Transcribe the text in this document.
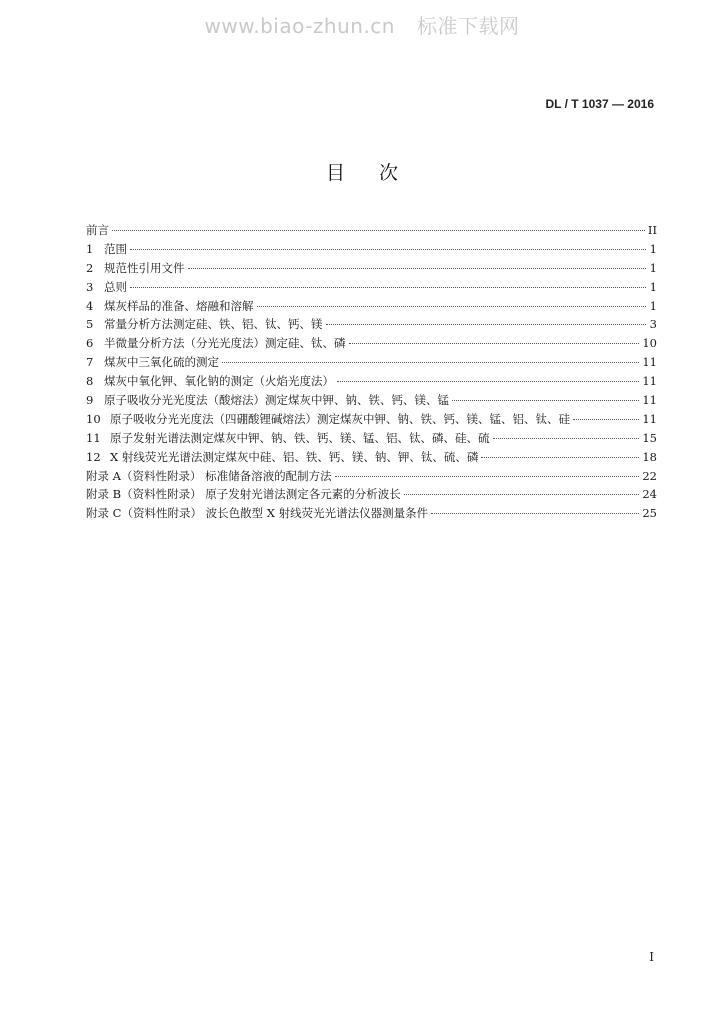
www.biao-zhun.cn 标准下载网
DL / T 1037 — 2016
目次
前言	II
1 范围	1
2 规范性引用文件	1
3 总则	1
4 煤灰样品的准备、熔融和溶解	1
5 常量分析方法测定硅、铁、铝、钛、钙、镁	3
6 半微量分析方法（分光光度法）测定硅、钛、磷	10
7 煤灰中三氧化硫的测定	11
8 煤灰中氧化钾、氧化钠的测定（火焰光度法）	11
9 原子吸收分光光度法（酸熔法）测定煤灰中钾、钠、铁、钙、镁、锰	11
10 原子吸收分光光度法（四硼酸锂碱熔法）测定煤灰中钾、钠、铁、钙、镁、锰、铝、钛、硅	11
11 原子发射光谱法测定煤灰中钾、钠、铁、钙、镁、锰、铝、钛、磷、硅、硫	15
12 X 射线荧光光谱法测定煤灰中硅、铝、铁、钙、镁、钠、钾、钛、硫、磷	18
附录 A（资料性附录） 标准储备溶液的配制方法	22
附录 B（资料性附录） 原子发射光谱法测定各元素的分析波长	24
附录 C（资料性附录） 波长色散型 X 射线荧光光谱法仪器测量条件	25
I
